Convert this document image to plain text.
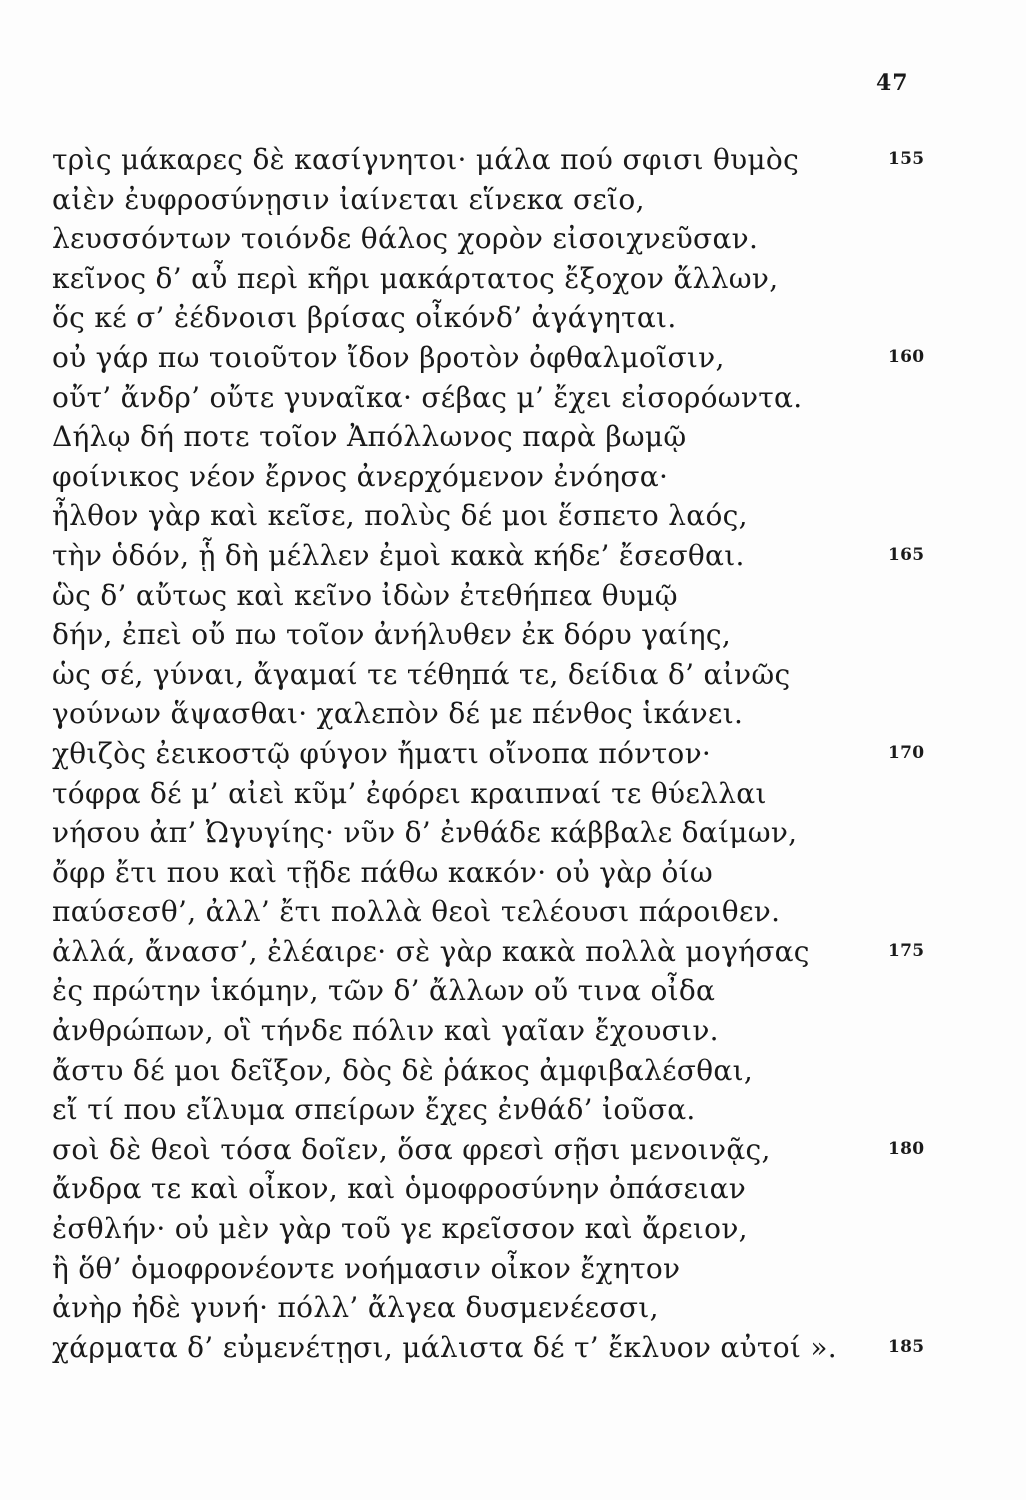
47
τρὶς μάκαρες δὲ κασίγνητοι· μάλα πού σφισι θυμὸς	155
αἰὲν ἐυφροσύνῃσιν ἰαίνεται εἵνεκα σεῖο,
λευσσόντων τοιόνδε θάλος χορὸν εἰσοιχνεῦσαν.
κεῖνος δ’ αὖ περὶ κῆρι μακάρτατος ἔξοχον ἄλλων,
ὅς κέ σ’ ἐέδνοισι βρίσας οἶκόνδ’ ἀγάγηται.
οὐ γάρ πω τοιοῦτον ἴδον βροτὸν ὀφθαλμοῖσιν,	160
οὔτ’ ἄνδρ’ οὔτε γυναῖκα· σέβας μ’ ἔχει εἰσορόωντα.
Δήλῳ δή ποτε τοῖον Ἀπόλλωνος παρὰ βωμῷ
φοίνικος νέον ἔρνος ἀνερχόμενον ἐνόησα·
ἦλθον γὰρ καὶ κεῖσε, πολὺς δέ μοι ἕσπετο λαός,
τὴν ὁδόν, ᾗ δὴ μέλλεν ἐμοὶ κακὰ κήδε’ ἔσεσθαι.	165
ὣς δ’ αὔτως καὶ κεῖνο ἰδὼν ἐτεθήπεα θυμῷ
δήν, ἐπεὶ οὔ πω τοῖον ἀνήλυθεν ἐκ δόρυ γαίης,
ὡς σέ, γύναι, ἄγαμαί τε τέθηπά τε, δείδια δ’ αἰνῶς
γούνων ἅψασθαι· χαλεπὸν δέ με πένθος ἱκάνει.
χθιζὸς ἐεικοστῷ φύγον ἤματι οἴνοπα πόντον·	170
τόφρα δέ μ’ αἰεὶ κῦμ’ ἐφόρει κραιπναί τε θύελλαι
νήσου ἀπ’ Ὠγυγίης· νῦν δ’ ἐνθάδε κάββαλε δαίμων,
ὄφρ ἔτι που καὶ τῇδε πάθω κακόν· οὐ γὰρ ὀίω
παύσεσθ’, ἀλλ’ ἔτι πολλὰ θεοὶ τελέουσι πάροιθεν.
ἀλλά, ἄνασσ’, ἐλέαιρε· σὲ γὰρ κακὰ πολλὰ μογήσας	175
ἐς πρώτην ἱκόμην, τῶν δ’ ἄλλων οὔ τινα οἶδα
ἀνθρώπων, οἳ τήνδε πόλιν καὶ γαῖαν ἔχουσιν.
ἄστυ δέ μοι δεῖξον, δὸς δὲ ῥάκος ἀμφιβαλέσθαι,
εἴ τί που εἴλυμα σπείρων ἔχες ἐνθάδ’ ἰοῦσα.
σοὶ δὲ θεοὶ τόσα δοῖεν, ὅσα φρεσὶ σῇσι μενοινᾷς,	180
ἄνδρα τε καὶ οἶκον, καὶ ὁμοφροσύνην ὀπάσειαν
ἐσθλήν· οὐ μὲν γὰρ τοῦ γε κρεῖσσον καὶ ἄρειον,
ἢ ὅθ’ ὁμοφρονέοντε νοήμασιν οἶκον ἔχητον
ἀνὴρ ἠδὲ γυνή· πόλλ’ ἄλγεα δυσμενέεσσι,
χάρματα δ’ εὐμενέτῃσι, μάλιστα δέ τ’ ἔκλυον αὐτοί ».	185
